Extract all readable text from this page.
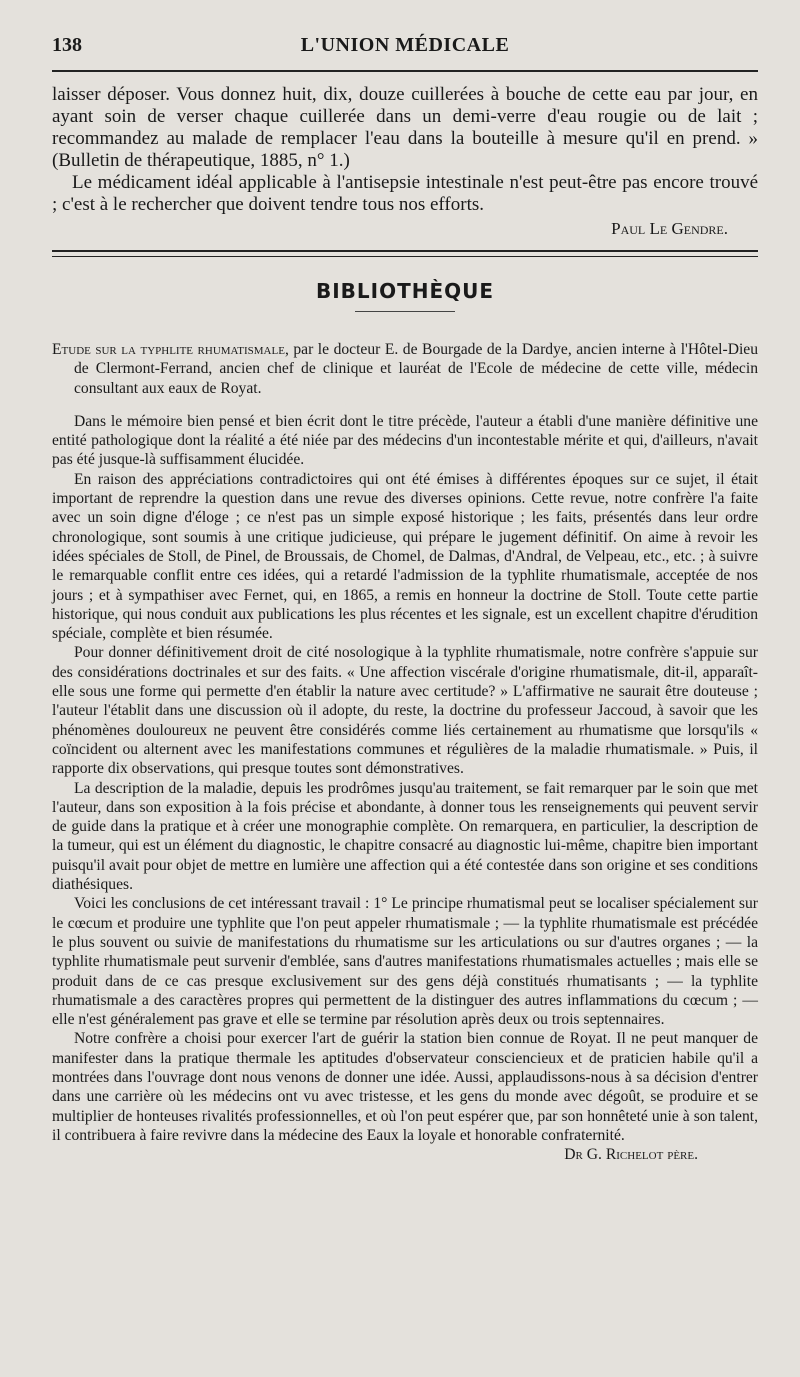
138	L'UNION MÉDICALE

laisser déposer. Vous donnez huit, dix, douze cuillerées à bouche de cette eau par jour, en ayant soin de verser chaque cuillerée dans un demi-verre d'eau rougie ou de lait ; recommandez au malade de remplacer l'eau dans la bouteille à mesure qu'il en prend. » (Bulletin de thérapeutique, 1885, n° 1.)

Le médicament idéal applicable à l'antisepsie intestinale n'est peut-être pas encore trouvé ; c'est à le rechercher que doivent tendre tous nos efforts.

Paul Le Gendre.
BIBLIOTHÈQUE

Etude sur la typhlite rhumatismale, par le docteur E. de Bourgade de la Dardye, ancien interne à l'Hôtel-Dieu de Clermont-Ferrand, ancien chef de clinique et lauréat de l'Ecole de médecine de cette ville, médecin consultant aux eaux de Royat.

Dans le mémoire bien pensé et bien écrit dont le titre précède, l'auteur a établi d'une manière définitive une entité pathologique dont la réalité a été niée par des médecins d'un incontestable mérite et qui, d'ailleurs, n'avait pas été jusque-là suffisamment élucidée.

En raison des appréciations contradictoires qui ont été émises à différentes époques sur ce sujet, il était important de reprendre la question dans une revue des diverses opinions. Cette revue, notre confrère l'a faite avec un soin digne d'éloge ; ce n'est pas un simple exposé historique ; les faits, présentés dans leur ordre chronologique, sont soumis à une critique judicieuse, qui prépare le jugement définitif. On aime à revoir les idées spéciales de Stoll, de Pinel, de Broussais, de Chomel, de Dalmas, d'Andral, de Velpeau, etc., etc. ; à suivre le remarquable conflit entre ces idées, qui a retardé l'admission de la typhlite rhumatismale, acceptée de nos jours ; et à sympathiser avec Fernet, qui, en 1865, a remis en honneur la doctrine de Stoll. Toute cette partie historique, qui nous conduit aux publications les plus récentes et les signale, est un excellent chapitre d'érudition spéciale, complète et bien résumée.

Pour donner définitivement droit de cité nosologique à la typhlite rhumatismale, notre confrère s'appuie sur des considérations doctrinales et sur des faits. « Une affection viscérale d'origine rhumatismale, dit-il, apparaît-elle sous une forme qui permette d'en établir la nature avec certitude? » L'affirmative ne saurait être douteuse ; l'auteur l'établit dans une discussion où il adopte, du reste, la doctrine du professeur Jaccoud, à savoir que les phénomènes douloureux ne peuvent être considérés comme liés certainement au rhumatisme que lorsqu'ils « coïncident ou alternent avec les manifestations communes et régulières de la maladie rhumatismale. » Puis, il rapporte dix observations, qui presque toutes sont démonstratives.

La description de la maladie, depuis les prodrômes jusqu'au traitement, se fait remarquer par le soin que met l'auteur, dans son exposition à la fois précise et abondante, à donner tous les renseignements qui peuvent servir de guide dans la pratique et à créer une monographie complète. On remarquera, en particulier, la description de la tumeur, qui est un élément du diagnostic, le chapitre consacré au diagnostic lui-même, chapitre bien important puisqu'il avait pour objet de mettre en lumière une affection qui a été contestée dans son origine et ses conditions diathésiques.

Voici les conclusions de cet intéressant travail : 1° Le principe rhumatismal peut se localiser spécialement sur le cœcum et produire une typhlite que l'on peut appeler rhumatismale ; — la typhlite rhumatismale est précédée le plus souvent ou suivie de manifestations du rhumatisme sur les articulations ou sur d'autres organes ; — la typhlite rhumatismale peut survenir d'emblée, sans d'autres manifestations rhumatismales actuelles ; mais elle se produit dans de ce cas presque exclusivement sur des gens déjà constitués rhumatisants ; — la typhlite rhumatismale a des caractères propres qui permettent de la distinguer des autres inflammations du cœcum ; — elle n'est généralement pas grave et elle se termine par résolution après deux ou trois septennaires.

Notre confrère a choisi pour exercer l'art de guérir la station bien connue de Royat. Il ne peut manquer de manifester dans la pratique thermale les aptitudes d'observateur consciencieux et de praticien habile qu'il a montrées dans l'ouvrage dont nous venons de donner une idée. Aussi, applaudissons-nous à sa décision d'entrer dans une carrière où les médecins ont vu avec tristesse, et les gens du monde avec dégoût, se produire et se multiplier de honteuses rivalités professionnelles, et où l'on peut espérer que, par son honnêteté unie à son talent, il contribuera à faire revivre dans la médecine des Eaux la loyale et honorable confraternité.

Dr G. Richelot père.
